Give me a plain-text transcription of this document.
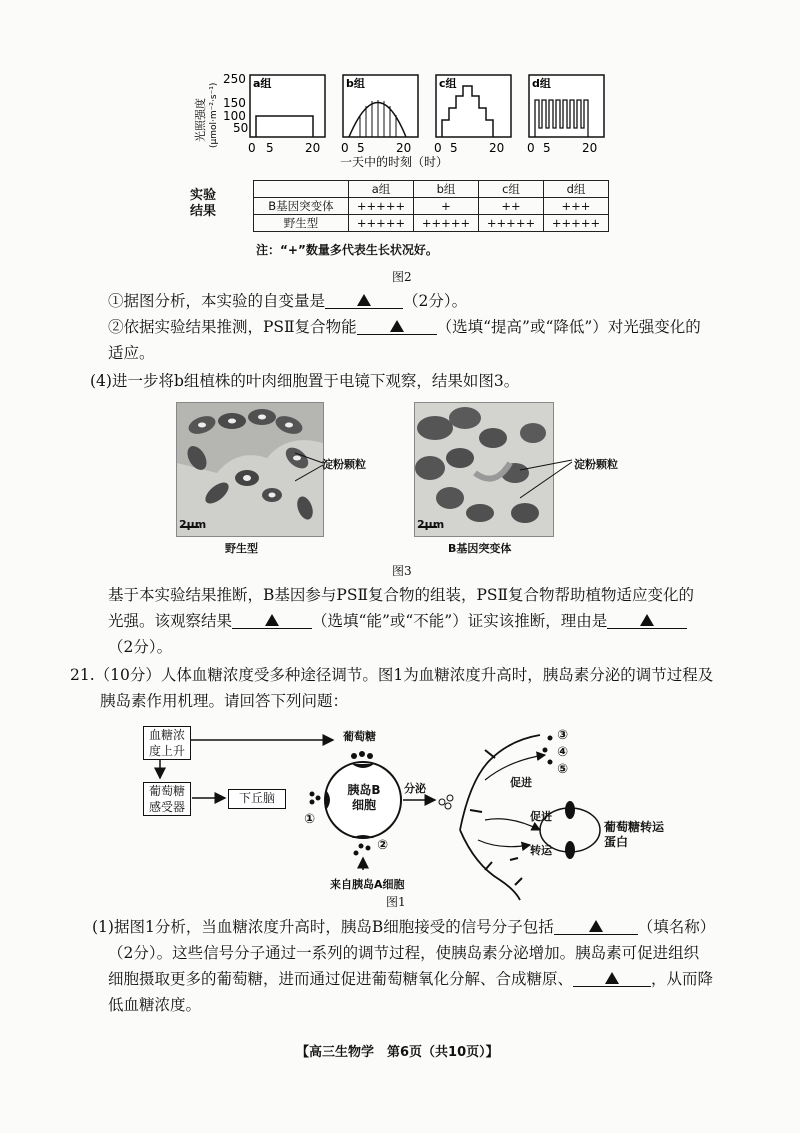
光照强度 (μmol·m⁻²·s⁻¹)
250
150
100
50
a组	b组	c组	d组
0 5	20 0 5	20 0 5	20 0 5	20
一天中的时刻（时）
实验
结果
	a组	b组	c组	d组
B基因突变体	+++++	+	++	+++
野生型	+++++	+++++	+++++	+++++
注：“+”数量多代表生长状况好。
图2
①据图分析，本实验的自变量是	（2分）。
②依据实验结果推测，PSⅡ复合物能	（选填“提高”或“降低”）对光强变化的
适应。
(4)进一步将b组植株的叶肉细胞置于电镜下观察，结果如图3。
2μm
淀粉颗粒
野生型
2μm
淀粉颗粒
B基因突变体
图3
基于本实验结果推断，B基因参与PSⅡ复合物的组装，PSⅡ复合物帮助植物适应变化的
光强。该观察结果	（选填“能”或“不能”）证实该推断，理由是
（2分）。
21.（10分）人体血糖浓度受多种途径调节。图1为血糖浓度升高时，胰岛素分泌的调节过程及
胰岛素作用机理。请回答下列问题：
血糖浓度上升
葡萄糖感受器
下丘脑
葡萄糖
胰岛B细胞
分泌	促进
促进
转运
葡萄糖转运蛋白
来自胰岛A细胞
①
②
③
④
⑤
图1
(1)据图1分析，当血糖浓度升高时，胰岛B细胞接受的信号分子包括	（填名称）
（2分）。这些信号分子通过一系列的调节过程，使胰岛素分泌增加。胰岛素可促进组织
细胞摄取更多的葡萄糖，进而通过促进葡萄糖氧化分解、合成糖原、	，从而降
低血糖浓度。
【高三生物学　第6页（共10页）】
